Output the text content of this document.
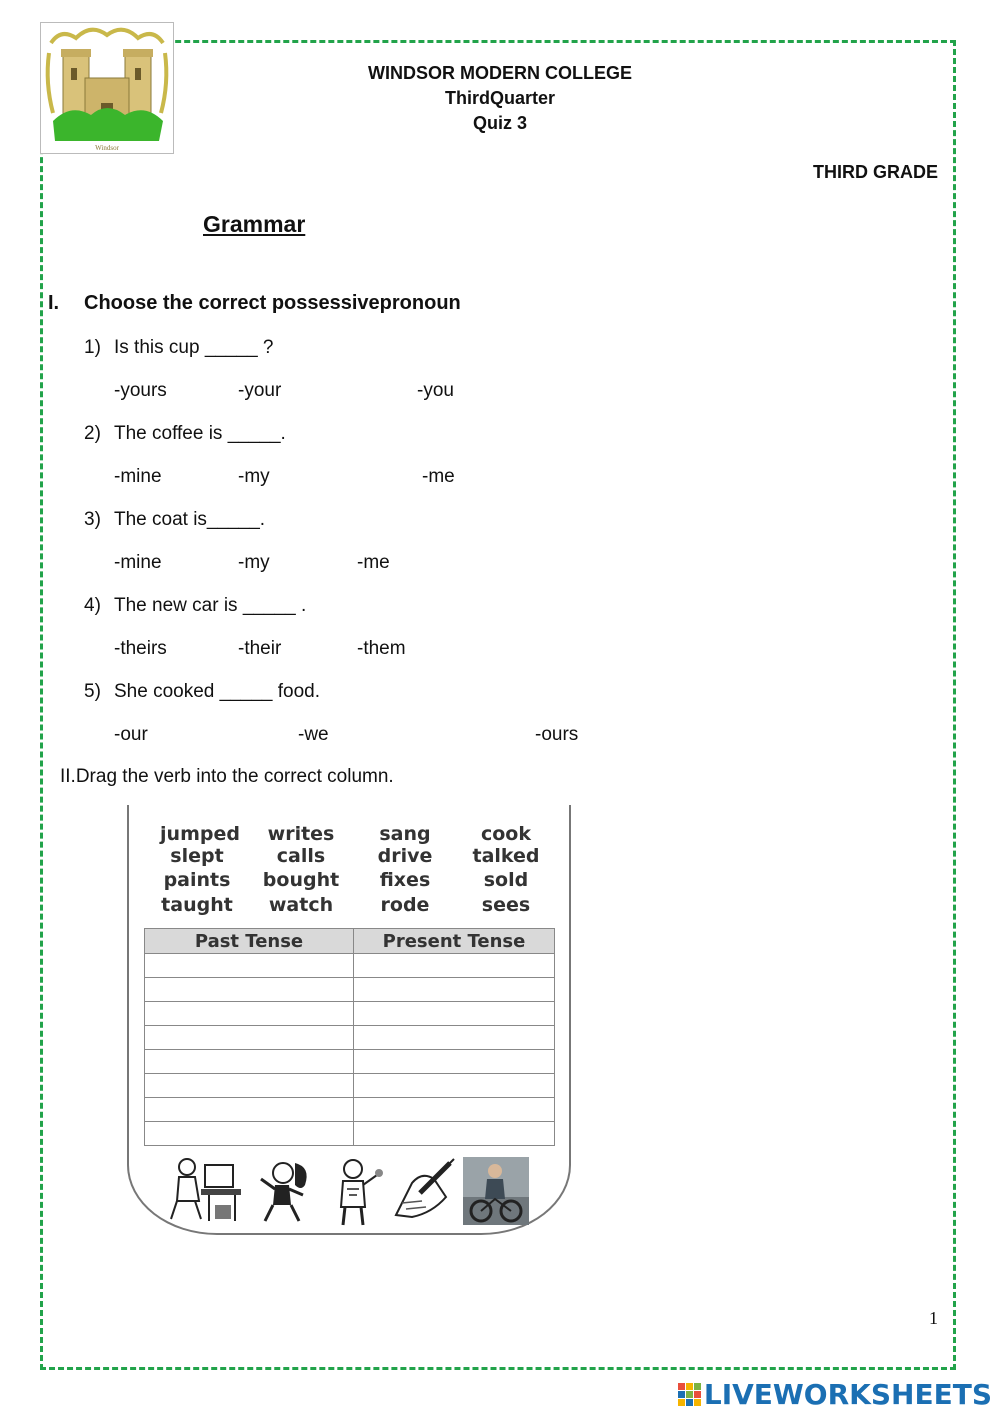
Windsor
WINDSOR MODERN COLLEGE
ThirdQuarter
Quiz 3
THIRD GRADE
Grammar
I. Choose the correct possessivepronoun
1) Is this cup _____ ?
-yours	-your	-you
2) The coffee is _____.
-mine	-my	-me
3) The coat is_____.
-mine	-my	-me
4) The new car is _____ .
-theirs	-their	-them
5) She cooked _____ food.
-our	-we	-ours
II.Drag the verb into the correct column.
jumped	writes	sang	cook
slept	calls	drive	talked
paints	bought	fixes	sold
taught	watch	rode	sees
Past Tense	Present Tense

1
LIVEWORKSHEETS
